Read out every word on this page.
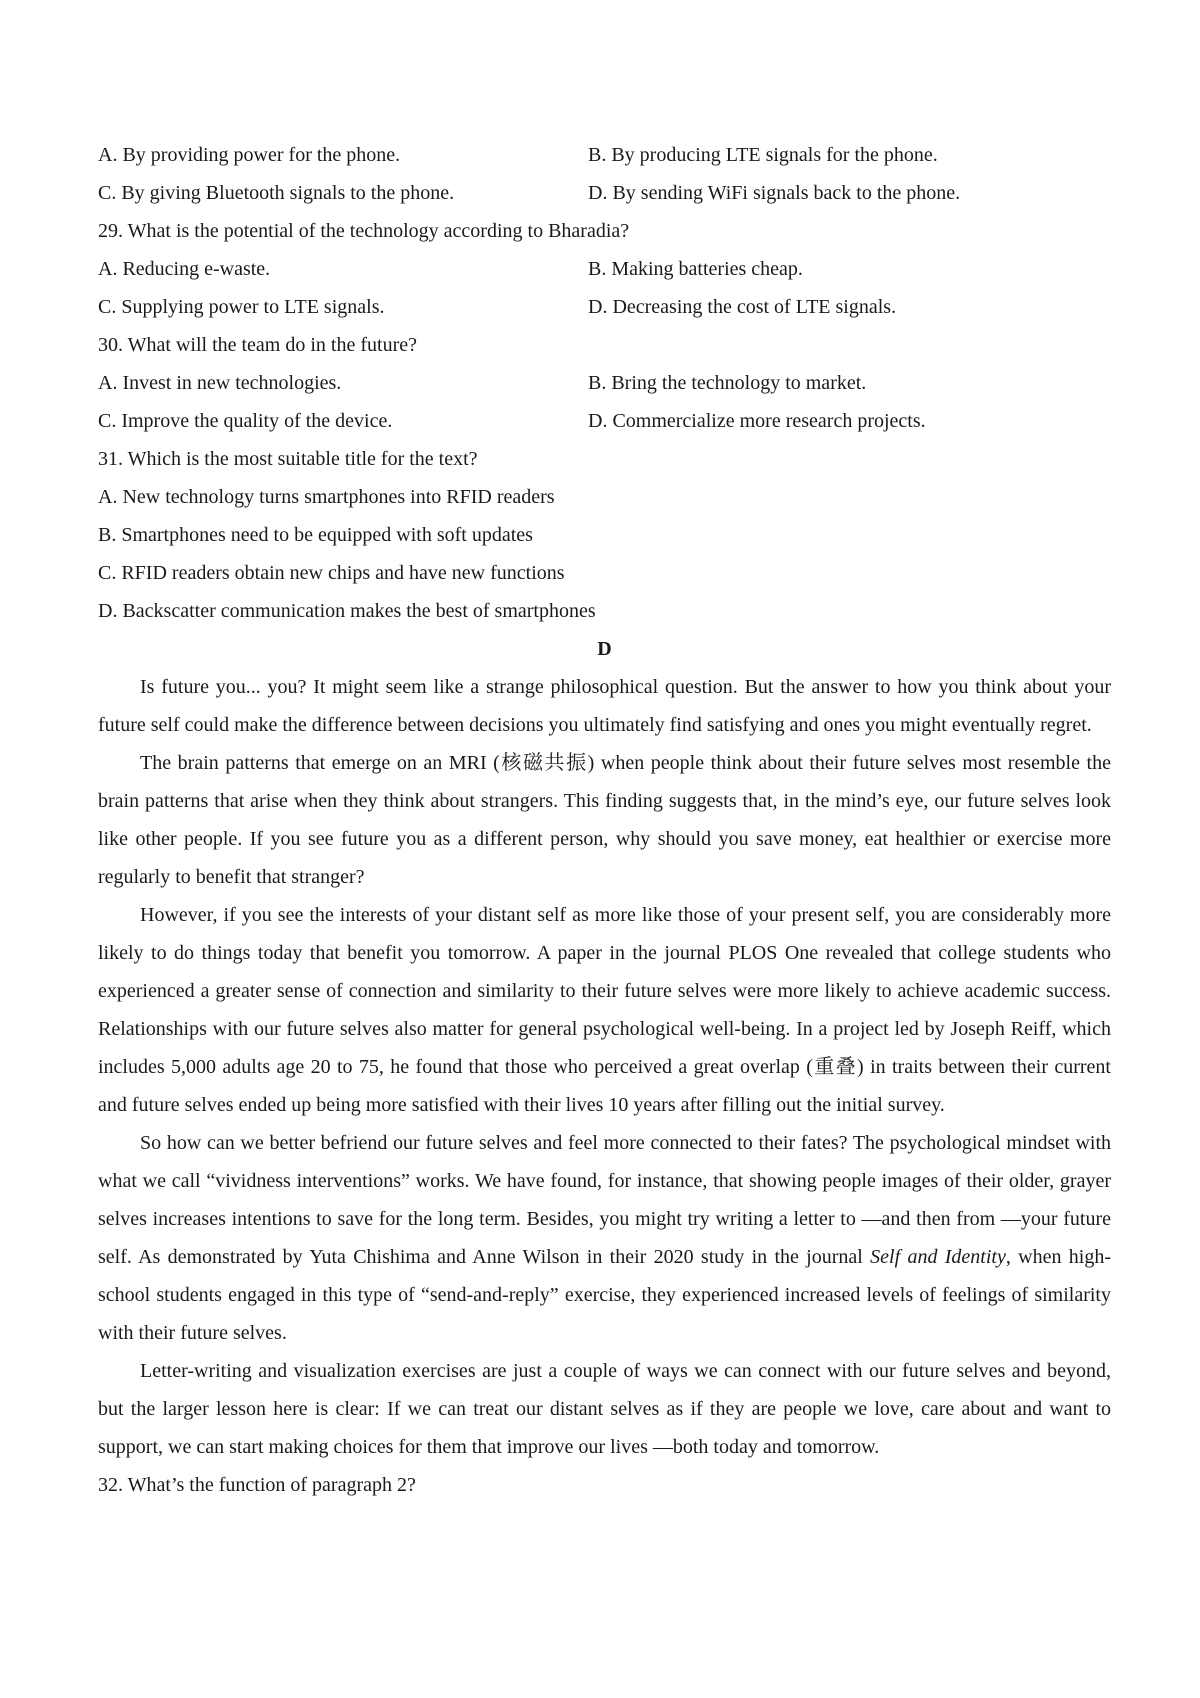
A. By providing power for the phone.	B. By producing LTE signals for the phone.
C. By giving Bluetooth signals to the phone.	D. By sending WiFi signals back to the phone.
29. What is the potential of the technology according to Bharadia?
A. Reducing e-waste.	B. Making batteries cheap.
C. Supplying power to LTE signals.	D. Decreasing the cost of LTE signals.
30. What will the team do in the future?
A. Invest in new technologies.	B. Bring the technology to market.
C. Improve the quality of the device.	D. Commercialize more research projects.
31. Which is the most suitable title for the text?
A. New technology turns smartphones into RFID readers
B. Smartphones need to be equipped with soft updates
C. RFID readers obtain new chips and have new functions
D. Backscatter communication makes the best of smartphones
D

Is future you... you? It might seem like a strange philosophical question. But the answer to how you think about your future self could make the difference between decisions you ultimately find satisfying and ones you might eventually regret.

The brain patterns that emerge on an MRI (核磁共振) when people think about their future selves most resemble the brain patterns that arise when they think about strangers. This finding suggests that, in the mind’s eye, our future selves look like other people. If you see future you as a different person, why should you save money, eat healthier or exercise more regularly to benefit that stranger?

However, if you see the interests of your distant self as more like those of your present self, you are considerably more likely to do things today that benefit you tomorrow. A paper in the journal PLOS One revealed that college students who experienced a greater sense of connection and similarity to their future selves were more likely to achieve academic success. Relationships with our future selves also matter for general psychological well-being. In a project led by Joseph Reiff, which includes 5,000 adults age 20 to 75, he found that those who perceived a great overlap (重叠) in traits between their current and future selves ended up being more satisfied with their lives 10 years after filling out the initial survey.

So how can we better befriend our future selves and feel more connected to their fates? The psychological mindset with what we call “vividness interventions” works. We have found, for instance, that showing people images of their older, grayer selves increases intentions to save for the long term. Besides, you might try writing a letter to —and then from —your future self. As demonstrated by Yuta Chishima and Anne Wilson in their 2020 study in the journal Self and Identity, when high-school students engaged in this type of “send-and-reply” exercise, they experienced increased levels of feelings of similarity with their future selves.

Letter-writing and visualization exercises are just a couple of ways we can connect with our future selves and beyond, but the larger lesson here is clear: If we can treat our distant selves as if they are people we love, care about and want to support, we can start making choices for them that improve our lives —both today and tomorrow.

32. What’s the function of paragraph 2?
